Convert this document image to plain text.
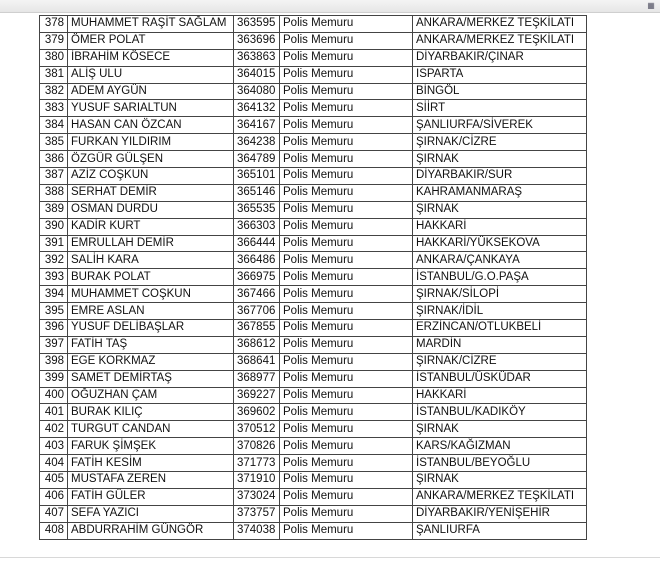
▦
378	MUHAMMET RAŞİT SAĞLAM	363595	Polis Memuru	ANKARA/MERKEZ TEŞKİLATI
379	ÖMER POLAT	363696	Polis Memuru	ANKARA/MERKEZ TEŞKİLATI
380	İBRAHİM KÖSECE	363863	Polis Memuru	DİYARBAKIR/ÇINAR
381	ALİŞ ULU	364015	Polis Memuru	ISPARTA
382	ADEM AYGÜN	364080	Polis Memuru	BİNGÖL
383	YUSUF SARIALTUN	364132	Polis Memuru	SİİRT
384	HASAN CAN ÖZCAN	364167	Polis Memuru	ŞANLIURFA/SİVEREK
385	FURKAN YILDIRIM	364238	Polis Memuru	ŞIRNAK/CİZRE
386	ÖZGÜR GÜLŞEN	364789	Polis Memuru	ŞIRNAK
387	AZİZ COŞKUN	365101	Polis Memuru	DİYARBAKIR/SUR
388	SERHAT DEMİR	365146	Polis Memuru	KAHRAMANMARAŞ
389	OSMAN DURDU	365535	Polis Memuru	ŞIRNAK
390	KADİR KURT	366303	Polis Memuru	HAKKARİ
391	EMRULLAH DEMİR	366444	Polis Memuru	HAKKARİ/YÜKSEKOVA
392	SALİH KARA	366486	Polis Memuru	ANKARA/ÇANKAYA
393	BURAK POLAT	366975	Polis Memuru	İSTANBUL/G.O.PAŞA
394	MUHAMMET COŞKUN	367466	Polis Memuru	ŞIRNAK/SİLOPİ
395	EMRE ASLAN	367706	Polis Memuru	ŞIRNAK/İDİL
396	YUSUF DELİBAŞLAR	367855	Polis Memuru	ERZİNCAN/OTLUKBELİ
397	FATİH TAŞ	368612	Polis Memuru	MARDİN
398	EGE KORKMAZ	368641	Polis Memuru	ŞIRNAK/CİZRE
399	SAMET DEMİRTAŞ	368977	Polis Memuru	İSTANBUL/ÜSKÜDAR
400	OĞUZHAN ÇAM	369227	Polis Memuru	HAKKARİ
401	BURAK KILIÇ	369602	Polis Memuru	İSTANBUL/KADIKÖY
402	TURGUT CANDAN	370512	Polis Memuru	ŞIRNAK
403	FARUK ŞİMŞEK	370826	Polis Memuru	KARS/KAĞIZMAN
404	FATİH KESİM	371773	Polis Memuru	İSTANBUL/BEYOĞLU
405	MUSTAFA ZEREN	371910	Polis Memuru	ŞIRNAK
406	FATİH GÜLER	373024	Polis Memuru	ANKARA/MERKEZ TEŞKİLATI
407	SEFA YAZICI	373757	Polis Memuru	DİYARBAKIR/YENİŞEHİR
408	ABDURRAHİM GÜNGÖR	374038	Polis Memuru	ŞANLIURFA
